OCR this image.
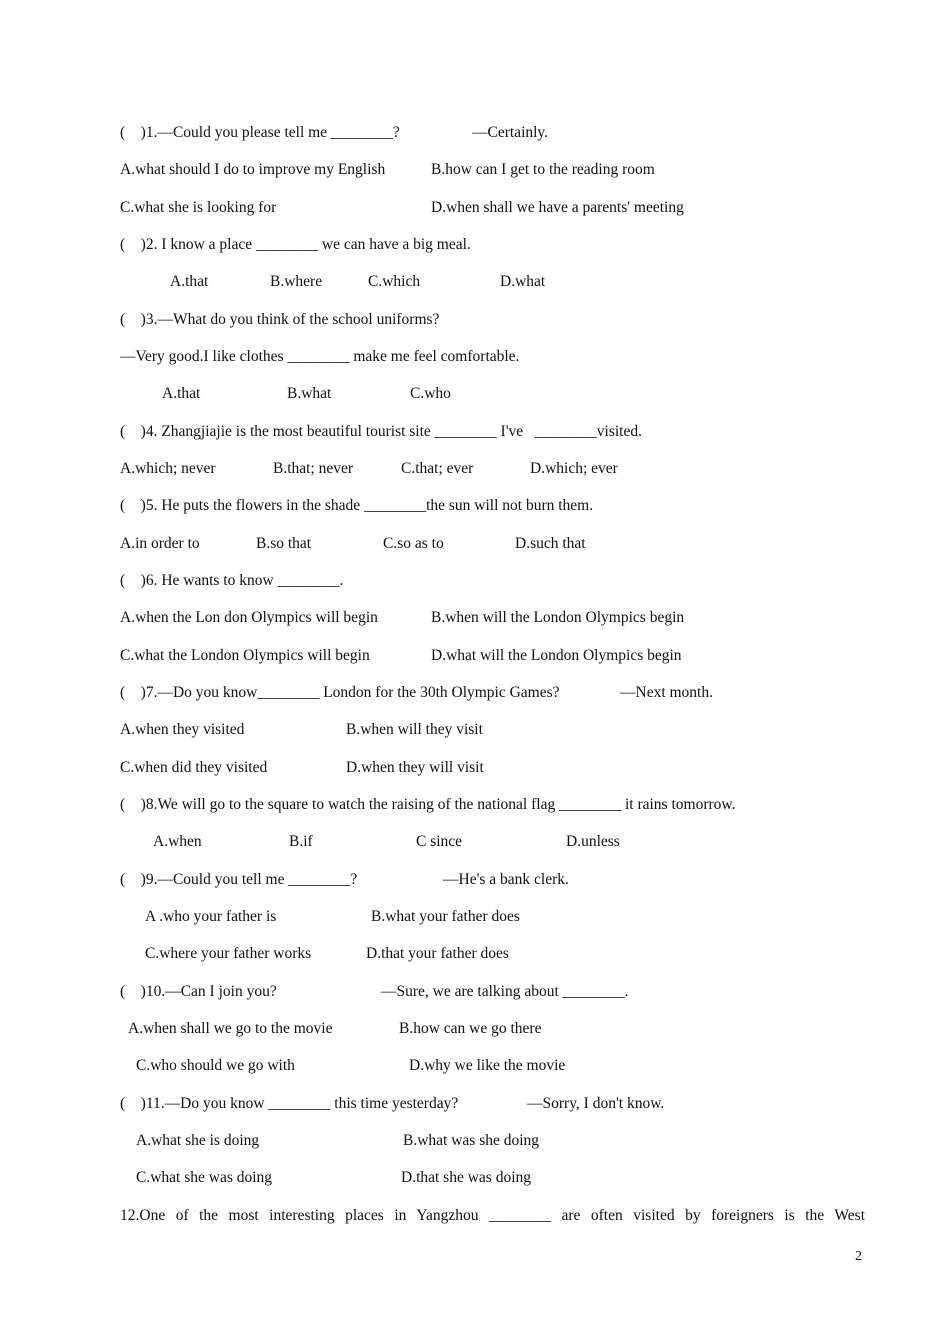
(    )1.—Could you please tell me ________?	—Certainly.
A.what should I do to improve my English	B.how can I get to the reading room
C.what she is looking for	D.when shall we have a parents' meeting
(    )2. I know a place ________ we can have a big meal.
A.that	B.where	C.which	D.what
(    )3.—What do you think of the school uniforms?
—Very good.I like clothes ________ make me feel comfortable.
A.that	B.what	C.who
(    )4. Zhangjiajie is the most beautiful tourist site ________ I've   ________visited.
A.which; never	B.that; never	C.that; ever	D.which; ever
(    )5. He puts the flowers in the shade ________the sun will not burn them.
A.in order to	B.so that	C.so as to	D.such that
(    )6. He wants to know ________.
A.when the Lon don Olympics will begin	B.when will the London Olympics begin
C.what the London Olympics will begin	D.what will the London Olympics begin
(    )7.—Do you know________ London for the 30th Olympic Games?	—Next month.
A.when they visited	B.when will they visit
C.when did they visited	D.when they will visit
(    )8.We will go to the square to watch the raising of the national flag ________ it rains tomorrow.
A.when	B.if	C since	D.unless
(    )9.—Could you tell me ________?	—He's a bank clerk.
A .who your father is	B.what your father does
C.where your father works	D.that your father does
(    )10.—Can I join you?	—Sure, we are talking about ________.
A.when shall we go to the movie	B.how can we go there
C.who should we go with	D.why we like the movie
(    )11.—Do you know ________ this time yesterday?	—Sorry, I don't know.
A.what she is doing	B.what was she doing
C.what she was doing	D.that she was doing
12.One of the most interesting places in Yangzhou ________ are often visited by foreigners is the West
2
